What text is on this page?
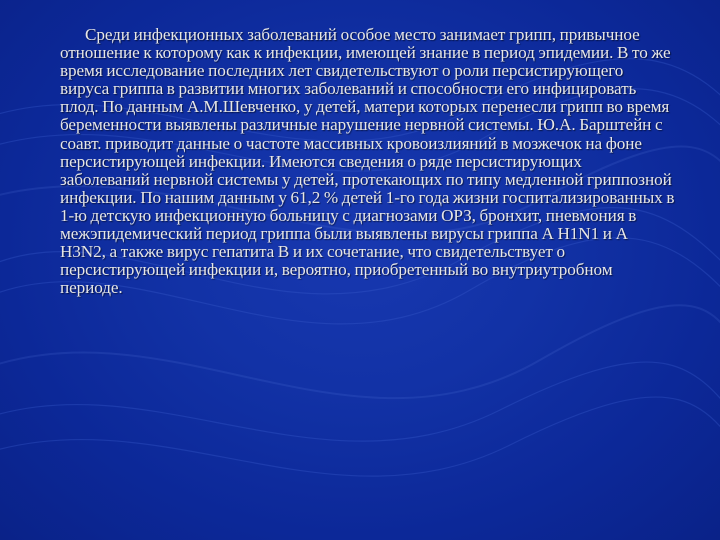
Среди инфекционных заболеваний особое место занимает грипп, привычное отношение к которому как к инфекции, имеющей знание в период эпидемии. В то же время исследование последних лет свидетельствуют о роли персистирующего вируса гриппа в развитии многих заболеваний и способности его инфицировать плод. По данным А.М.Шевченко, у детей, матери которых перенесли грипп во время беременности выявлены различные нарушение нервной системы. Ю.А. Барштейн с соавт. приводит данные о частоте массивных кровоизлияний в мозжечок на фоне персистирующей инфекции. Имеются сведения о ряде персистирующих заболеваний нервной системы у детей, протекающих по типу медленной гриппозной инфекции. По нашим данным у 61,2 % детей 1-го года жизни госпитализированных в 1-ю детскую инфекционную больницу с диагнозами ОРЗ, бронхит, пневмония в межэпидемический период гриппа были выявлены вирусы гриппа А H1N1 и А H3N2, а также вирус гепатита В и их сочетание, что свидетельствует о персистирующей инфекции и, вероятно, приобретенный во внутриутробном периоде.
